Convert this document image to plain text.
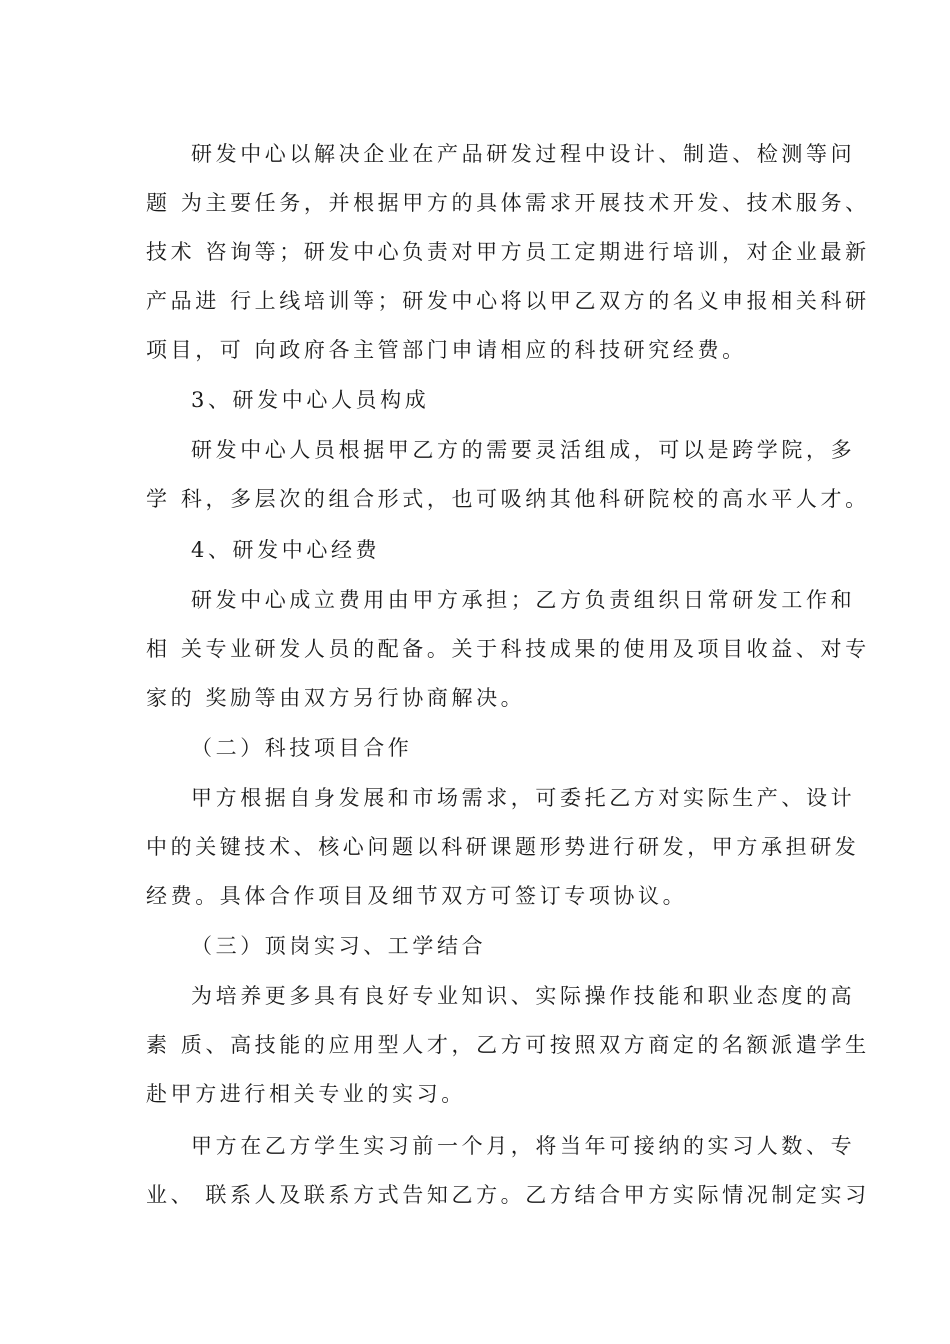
研发中心以解决企业在产品研发过程中设计、制造、检测等问
题 为主要任务，并根据甲方的具体需求开展技术开发、技术服务、
技术 咨询等；研发中心负责对甲方员工定期进行培训，对企业最新
产品进 行上线培训等；研发中心将以甲乙双方的名义申报相关科研
项目，可 向政府各主管部门申请相应的科技研究经费。
3、研发中心人员构成
研发中心人员根据甲乙方的需要灵活组成，可以是跨学院，多
学 科，多层次的组合形式，也可吸纳其他科研院校的高水平人才。
4、研发中心经费
研发中心成立费用由甲方承担；乙方负责组织日常研发工作和
相 关专业研发人员的配备。关于科技成果的使用及项目收益、对专
家的 奖励等由双方另行协商解决。
（二）科技项目合作
甲方根据自身发展和市场需求，可委托乙方对实际生产、设计
中的关键技术、核心问题以科研课题形势进行研发，甲方承担研发
经费。具体合作项目及细节双方可签订专项协议。
（三）顶岗实习、工学结合
为培养更多具有良好专业知识、实际操作技能和职业态度的高
素 质、高技能的应用型人才，乙方可按照双方商定的名额派遣学生
赴甲方进行相关专业的实习。
甲方在乙方学生实习前一个月，将当年可接纳的实习人数、专
业、 联系人及联系方式告知乙方。乙方结合甲方实际情况制定实习
